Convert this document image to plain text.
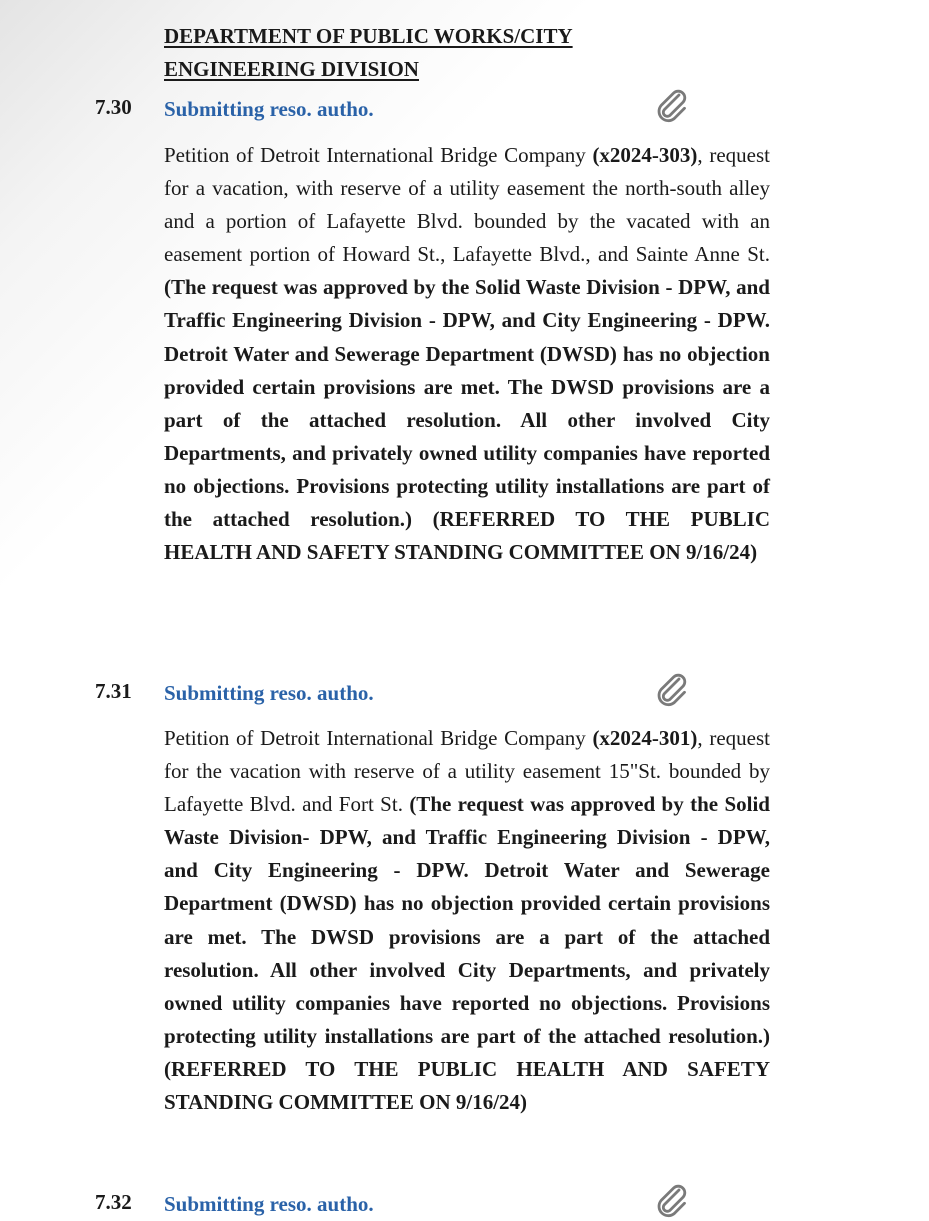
DEPARTMENT OF PUBLIC WORKS/CITY
ENGINEERING DIVISION
7.30 Submitting reso. autho.

Petition of Detroit International Bridge Company (x2024-303), request for a vacation, with reserve of a utility easement the north-south alley and a portion of Lafayette Blvd. bounded by the vacated with an easement portion of Howard St., Lafayette Blvd., and Sainte Anne St. (The request was approved by the Solid Waste Division - DPW, and Traffic Engineering Division - DPW, and City Engineering - DPW. Detroit Water and Sewerage Department (DWSD) has no objection provided certain provisions are met. The DWSD provisions are a part of the attached resolution. All other involved City Departments, and privately owned utility companies have reported no objections. Provisions protecting utility installations are part of the attached resolution.) (REFERRED TO THE PUBLIC HEALTH AND SAFETY STANDING COMMITTEE ON 9/16/24)

7.31 Submitting reso. autho.

Petition of Detroit International Bridge Company (x2024-301), request for the vacation with reserve of a utility easement 15"St. bounded by Lafayette Blvd. and Fort St. (The request was approved by the Solid Waste Division- DPW, and Traffic Engineering Division - DPW, and City Engineering - DPW. Detroit Water and Sewerage Department (DWSD) has no objection provided certain provisions are met. The DWSD provisions are a part of the attached resolution. All other involved City Departments, and privately owned utility companies have reported no objections. Provisions protecting utility installations are part of the attached resolution.) (REFERRED TO THE PUBLIC HEALTH AND SAFETY STANDING COMMITTEE ON 9/16/24)

7.32 Submitting reso. autho.
